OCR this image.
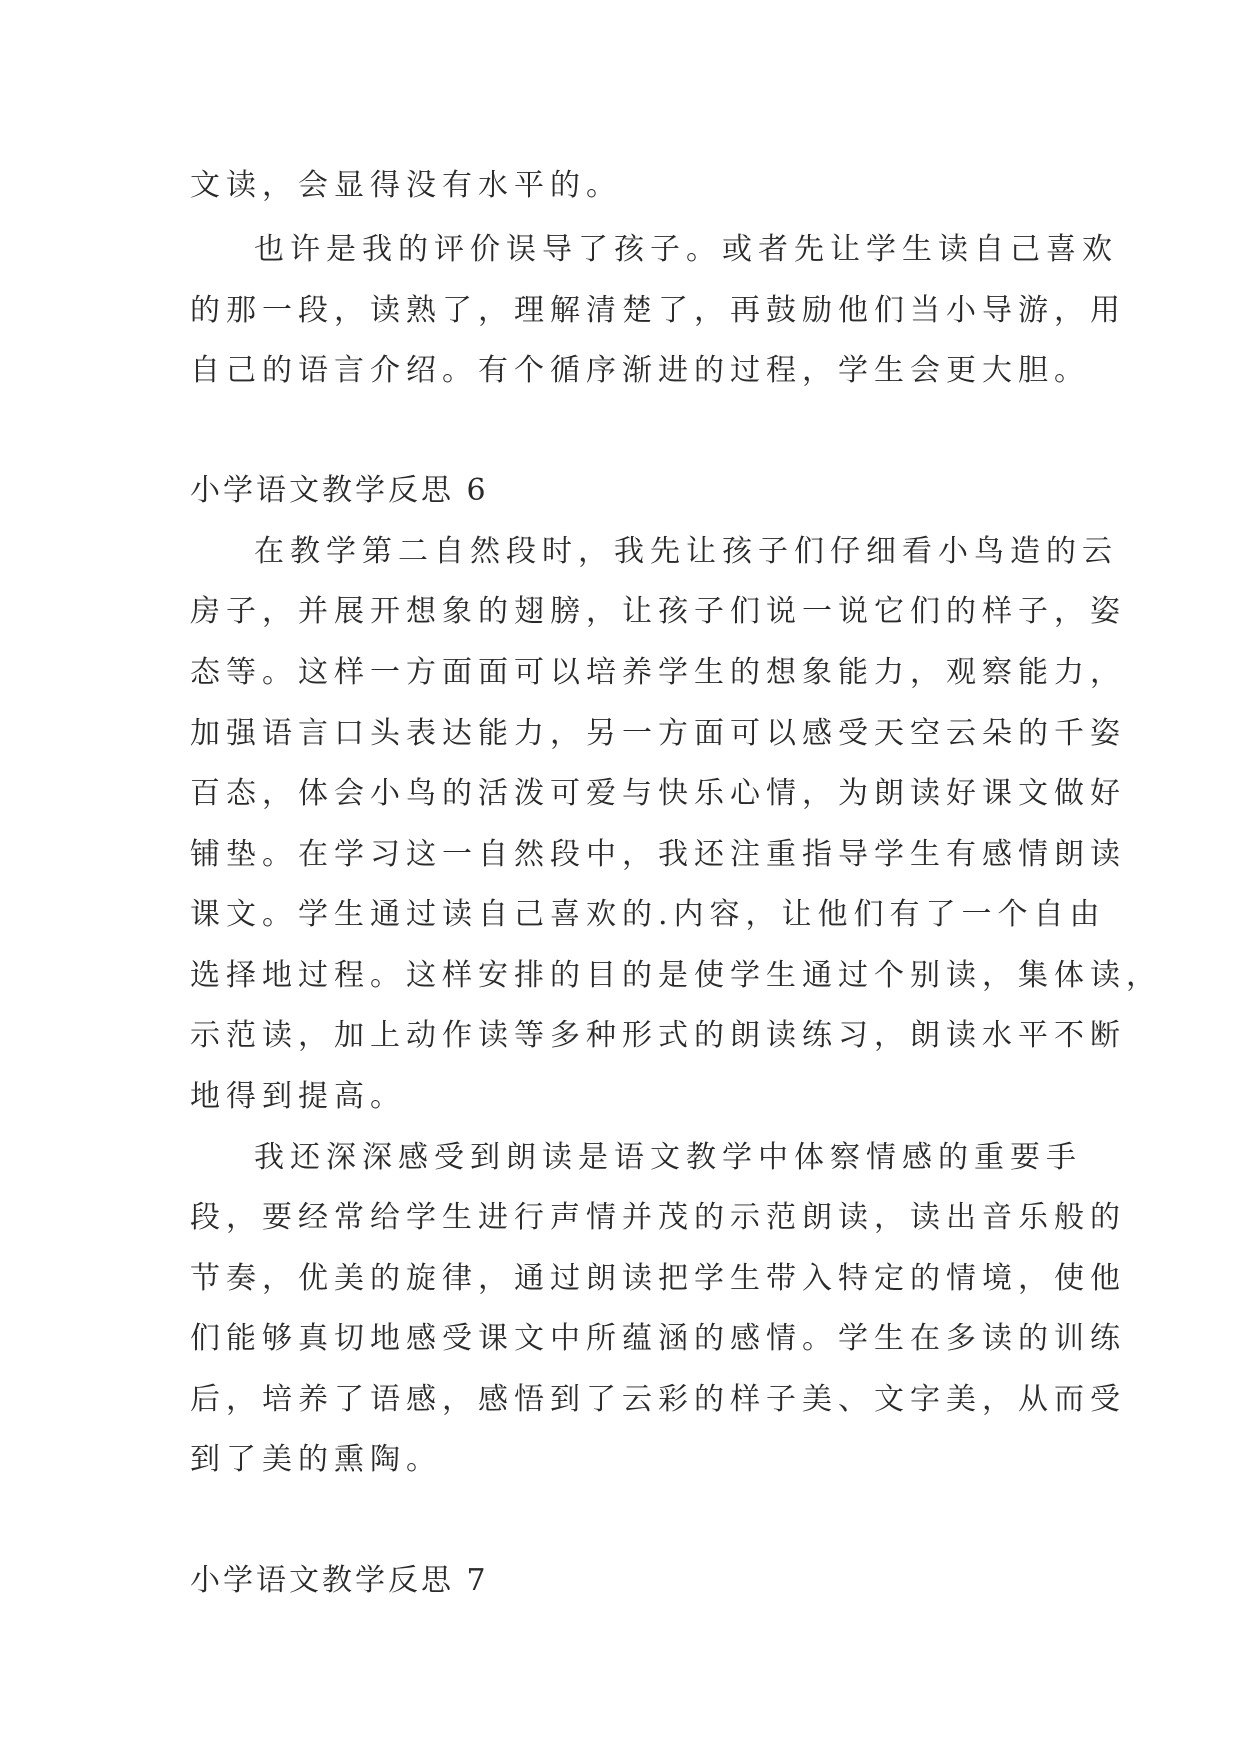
文读，会显得没有水平的。
也许是我的评价误导了孩子。或者先让学生读自己喜欢
的那一段，读熟了，理解清楚了，再鼓励他们当小导游，用
自己的语言介绍。有个循序渐进的过程，学生会更大胆。
小学语文教学反思 6
在教学第二自然段时，我先让孩子们仔细看小鸟造的云
房子，并展开想象的翅膀，让孩子们说一说它们的样子，姿
态等。这样一方面面可以培养学生的想象能力，观察能力，
加强语言口头表达能力，另一方面可以感受天空云朵的千姿
百态，体会小鸟的活泼可爱与快乐心情，为朗读好课文做好
铺垫。在学习这一自然段中，我还注重指导学生有感情朗读
课文。学生通过读自己喜欢的.内容，让他们有了一个自由
选择地过程。这样安排的目的是使学生通过个别读，集体读，
示范读，加上动作读等多种形式的朗读练习，朗读水平不断
地得到提高。
我还深深感受到朗读是语文教学中体察情感的重要手
段，要经常给学生进行声情并茂的示范朗读，读出音乐般的
节奏，优美的旋律，通过朗读把学生带入特定的情境，使他
们能够真切地感受课文中所蕴涵的感情。学生在多读的训练
后，培养了语感，感悟到了云彩的样子美、文字美，从而受
到了美的熏陶。
小学语文教学反思 7
